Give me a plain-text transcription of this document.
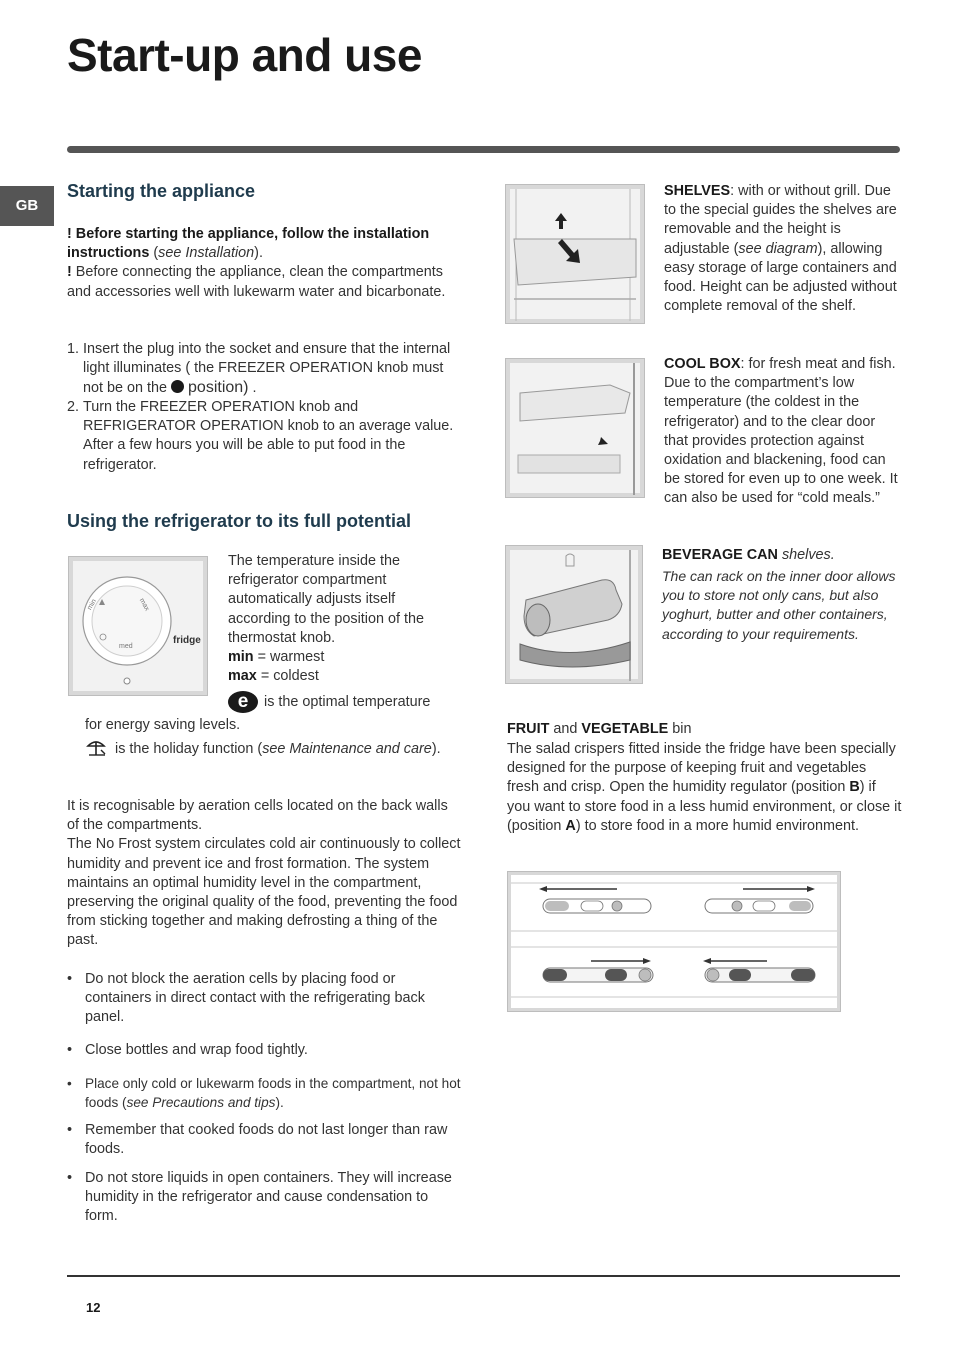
Start-up and use
GB
Starting the appliance
! Before starting the appliance, follow the installation instructions (see Installation).
! Before connecting the appliance, clean the compartments and accessories well with lukewarm water and bicarbonate.
1. Insert the plug into the socket and ensure that the internal light illuminates ( the FREEZER OPERATION knob must not be on the position) .
2. Turn the FREEZER OPERATION knob and REFRIGERATOR OPERATION knob to an average value. After a few hours you will be able to put food in the refrigerator.
Using the refrigerator to its full potential
min	max
med
fridge
The temperature inside the refrigerator compartment automatically adjusts itself according to the position of the thermostat knob.
min = warmest
max = coldest
e	is the optimal temperature
for energy saving levels.
is the holiday function (see Maintenance and care).
It is recognisable by aeration cells located on the back walls of the compartments.
The No Frost system circulates cold air continuously to collect humidity and prevent ice and frost formation. The system maintains an optimal humidity level in the compartment, preserving the original quality of the food, preventing the food from sticking together and making defrosting a thing of the past.
• Do not block the aeration cells by placing food or containers in direct contact with the refrigerating back panel.
• Close bottles and wrap food tightly.
• Place only cold or lukewarm foods in the compartment, not hot foods (see Precautions and tips).
• Remember that cooked foods do not last longer than raw foods.
• Do not store liquids in open containers. They will increase humidity in the refrigerator and cause condensation to form.
SHELVES: with or without grill. Due to the special guides the shelves are removable and the height is adjustable (see diagram), allowing easy storage of large containers and food. Height can be adjusted without complete removal of the shelf.
COOL BOX: for fresh meat and fish. Due to the compartment’s low temperature (the coldest in the refrigerator) and to the clear door that provides protection against oxidation and blackening, food can be stored for even up to one week. It can also be used for “cold meals.”
BEVERAGE CAN shelves.
The can rack on the inner door allows you to store not only cans, but also yoghurt, butter and other containers, according to your requirements.
FRUIT and VEGETABLE bin
The salad crispers fitted inside the fridge have been specially designed for the purpose of keeping fruit and vegetables fresh and crisp. Open the humidity regulator (position B) if you want to store food in a less humid environment, or close it (position A) to store food in a more humid environment.
12
